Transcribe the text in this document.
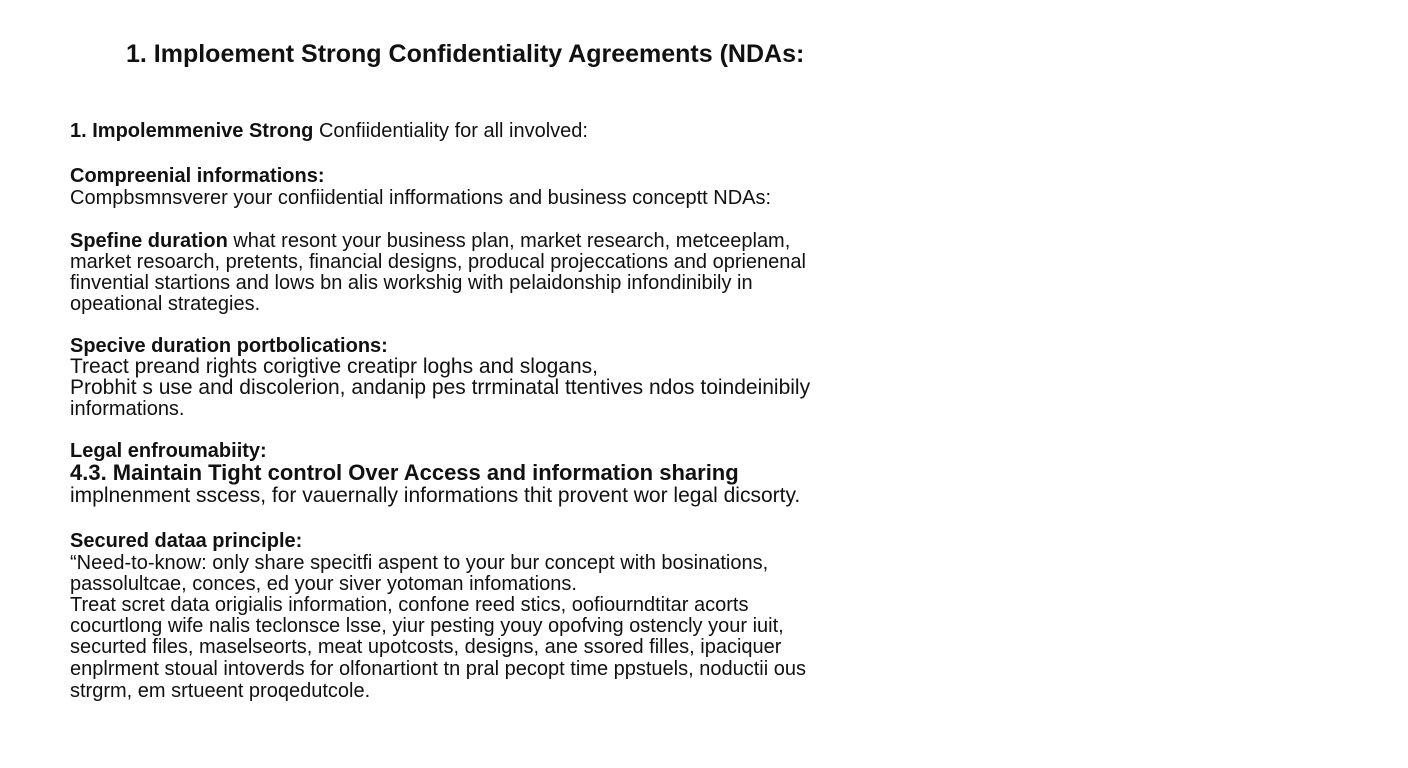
1. Imploement Strong Confidentiality Agreements (NDAs:

1. Impolemmenive Strong Confiidentiality for all involved:

Compreenial informations:

Compbsmnsverer your confiidential infformations and business conceptt NDAs:

Spefine duration what resont your business plan, market research, metceeplam,

market resoarch, pretents, financial designs, producal projeccations and oprienenal

finvential startions and lows bn alis workshig with pelaidonship infondinibily in

opeational strategies.

Specive duration portbolications:

Treact preand rights corigtive creatipr loghs and slogans,

Probhit s use and discolerion, andanip pes trrminatal ttentives ndos toindeinibily

informations.

Legal enfroumabiity:

4.3. Maintain Tight control Over Access and information sharing

implnenment sscess, for vauernally informations thit provent wor legal dicsorty.

Secured dataa principle:

“Need-to-know: only share specitfi aspent to your bur concept with bosinations,

passolultcae, conces, ed your siver yotoman infomations.

Treat scret data origialis information, confone reed stics, oofiourndtitar acorts

cocurtlong wife nalis teclonsce lsse, yiur pesting youy opofving ostencly your iuit,

securted files, maselseorts, meat upotcosts, designs, ane ssored filles, ipaciquer

enplrment stoual intoverds for olfonartiont tn pral pecopt time ppstuels, noductii ous

strgrm, em srtueent proqedutcole.
